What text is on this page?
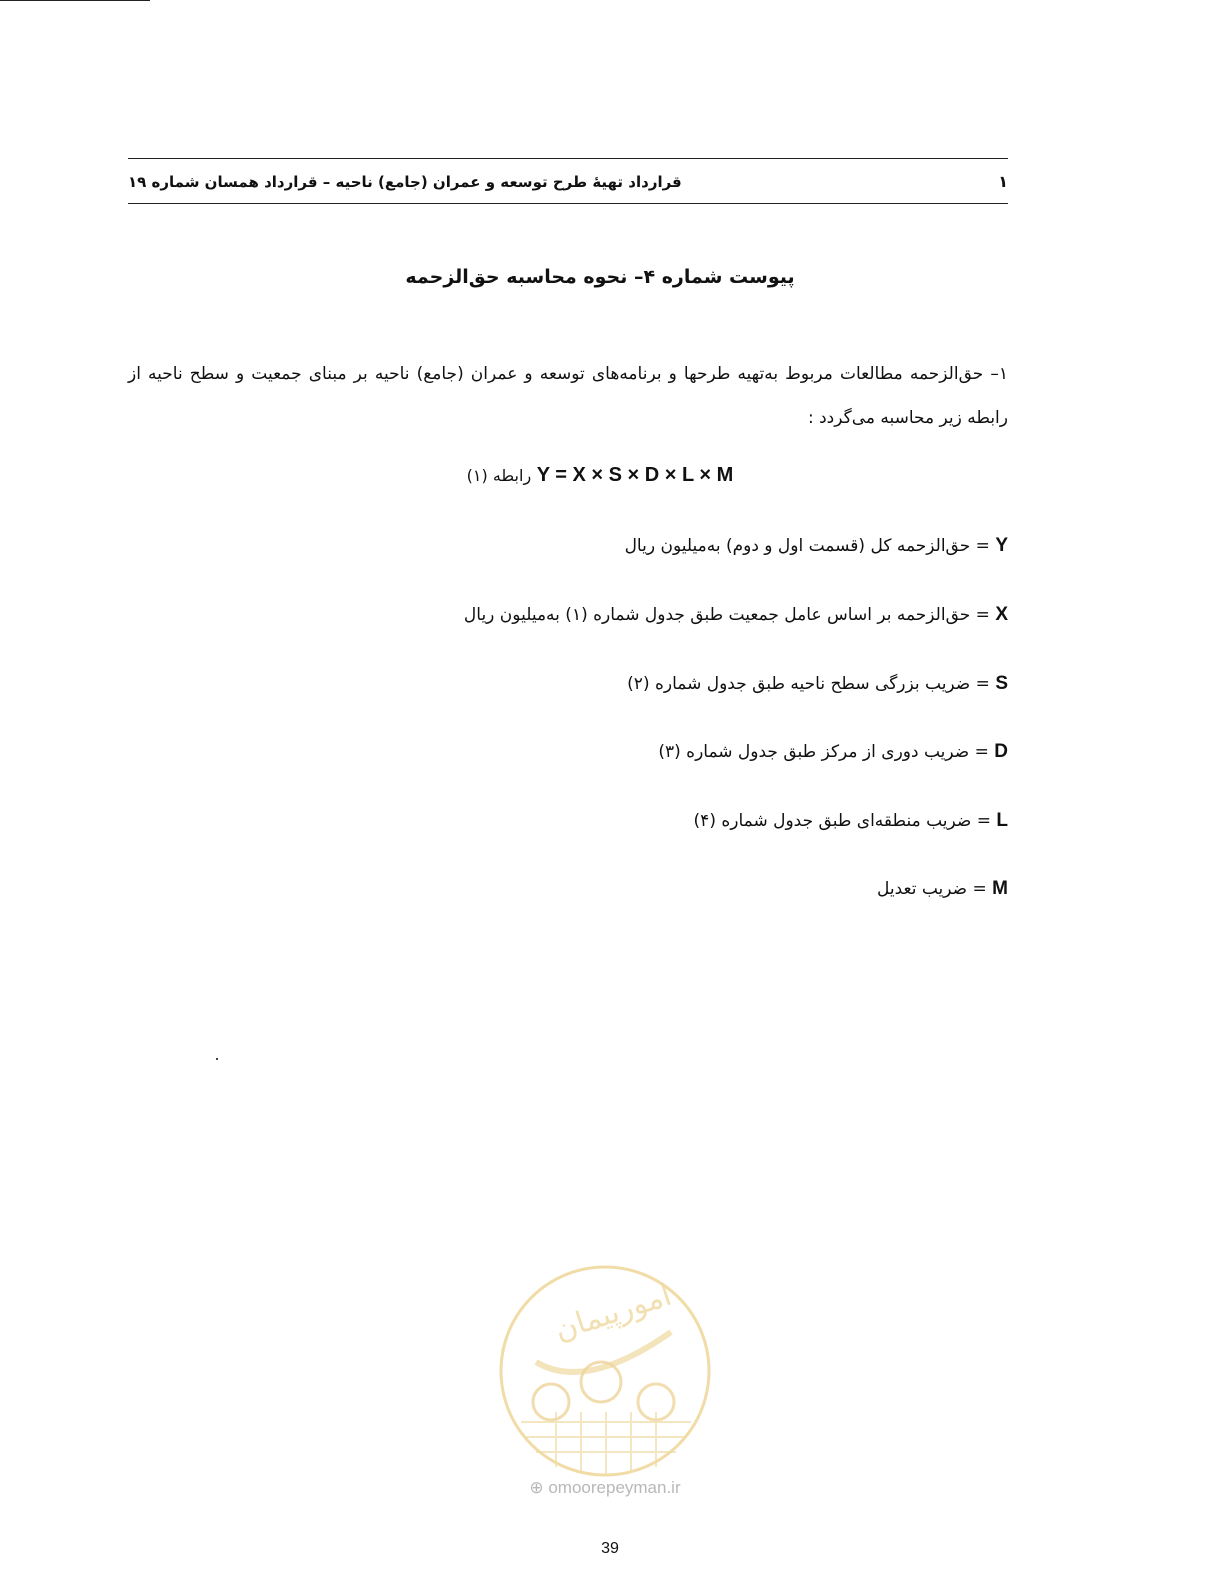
۱
قرارداد تهیهٔ طرح توسعه و عمران (جامع) ناحیه – قرارداد همسان شماره ۱۹
پیوست شماره ۴– نحوه محاسبه حق‌الزحمه
۱– حق‌الزحمه مطالعات مربوط به‌تهیه طرحها و برنامه‌های توسعه و عمران (جامع) ناحیه بر مبنای جمعیت و سطح ناحیه از رابطه زیر محاسبه می‌گردد :
رابطه (۱) Y = X × S × D × L × M
Y = حق‌الزحمه کل (قسمت اول و دوم) به‌میلیون ریال
X = حق‌الزحمه بر اساس عامل جمعیت طبق جدول شماره (۱) به‌میلیون ریال
S = ضریب بزرگی سطح ناحیه طبق جدول شماره (۲)
D = ضریب دوری از مرکز طبق جدول شماره (۳)
L = ضریب منطقه‌ای طبق جدول شماره (۴)
M = ضریب تعدیل
امورپیمان
⊕ omoorepeyman.ir
39
